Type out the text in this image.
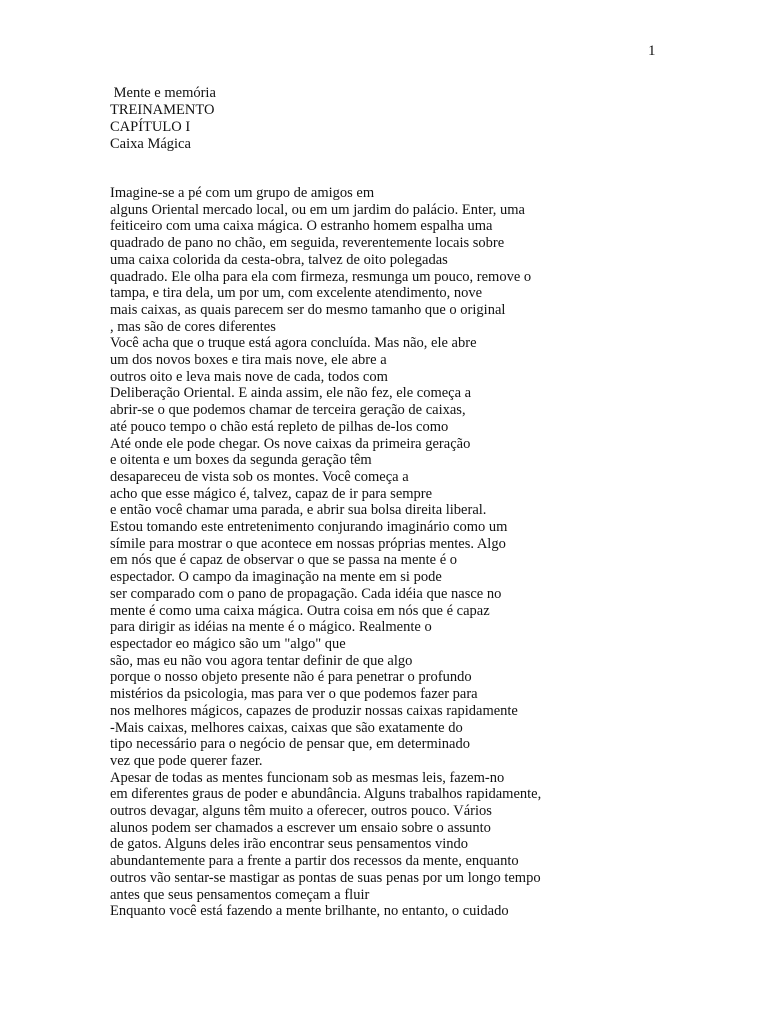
1
Mente e memória
TREINAMENTO
CAPÍTULO I
Caixa Mágica
Imagine-se a pé com um grupo de amigos em
alguns Oriental mercado local, ou em um jardim do palácio. Enter, uma
feiticeiro com uma caixa mágica. O estranho homem espalha uma
quadrado de pano no chão, em seguida, reverentemente locais sobre
uma caixa colorida da cesta-obra, talvez de oito polegadas
quadrado. Ele olha para ela com firmeza, resmunga um pouco, remove o
tampa, e tira dela, um por um, com excelente atendimento, nove
mais caixas, as quais parecem ser do mesmo tamanho que o original
, mas são de cores diferentes
Você acha que o truque está agora concluída. Mas não, ele abre
um dos novos boxes e tira mais nove, ele abre a
outros oito e leva mais nove de cada, todos com
Deliberação Oriental. E ainda assim, ele não fez, ele começa a
abrir-se o que podemos chamar de terceira geração de caixas,
até pouco tempo o chão está repleto de pilhas de-los como
Até onde ele pode chegar. Os nove caixas da primeira geração
e oitenta e um boxes da segunda geração têm
desapareceu de vista sob os montes. Você começa a
acho que esse mágico é, talvez, capaz de ir para sempre
e então você chamar uma parada, e abrir sua bolsa direita liberal.
Estou tomando este entretenimento conjurando imaginário como um
símile para mostrar o que acontece em nossas próprias mentes. Algo
em nós que é capaz de observar o que se passa na mente é o
espectador. O campo da imaginação na mente em si pode
ser comparado com o pano de propagação. Cada idéia que nasce no
mente é como uma caixa mágica. Outra coisa em nós que é capaz
para dirigir as idéias na mente é o mágico. Realmente o
espectador eo mágico são um "algo" que
são, mas eu não vou agora tentar definir de que algo
porque o nosso objeto presente não é para penetrar o profundo
mistérios da psicologia, mas para ver o que podemos fazer para
nos melhores mágicos, capazes de produzir nossas caixas rapidamente
-Mais caixas, melhores caixas, caixas que são exatamente do
tipo necessário para o negócio de pensar que, em determinado
vez que pode querer fazer.
Apesar de todas as mentes funcionam sob as mesmas leis, fazem-no
em diferentes graus de poder e abundância. Alguns trabalhos rapidamente,
outros devagar, alguns têm muito a oferecer, outros pouco. Vários
alunos podem ser chamados a escrever um ensaio sobre o assunto
de gatos. Alguns deles irão encontrar seus pensamentos vindo
abundantemente para a frente a partir dos recessos da mente, enquanto
outros vão sentar-se mastigar as pontas de suas penas por um longo tempo
antes que seus pensamentos começam a fluir
Enquanto você está fazendo a mente brilhante, no entanto, o cuidado
